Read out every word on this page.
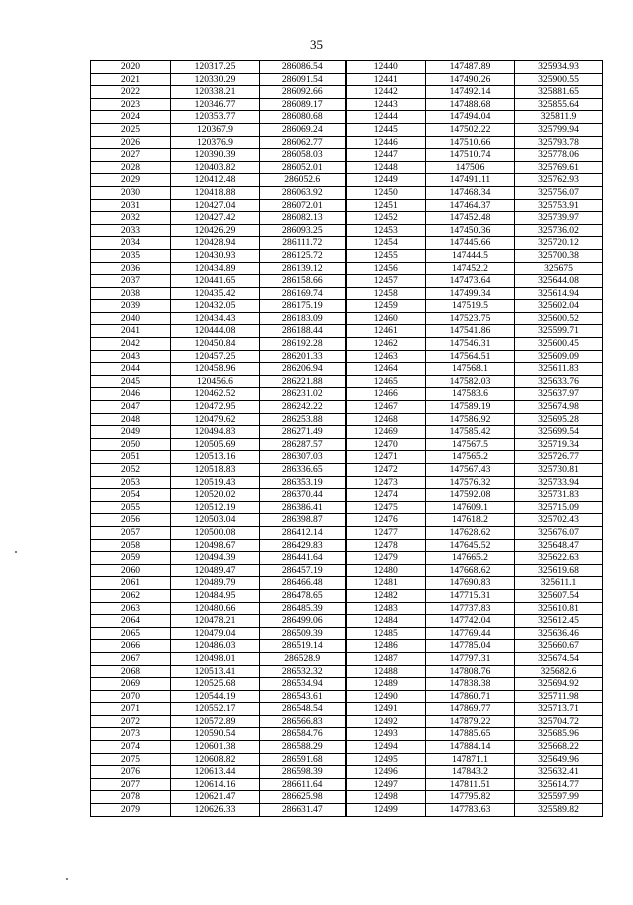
35
2020	120317.25	286086.54	12440	147487.89	325934.93
2021	120330.29	286091.54	12441	147490.26	325900.55
2022	120338.21	286092.66	12442	147492.14	325881.65
2023	120346.77	286089.17	12443	147488.68	325855.64
2024	120353.77	286080.68	12444	147494.04	325811.9
2025	120367.9	286069.24	12445	147502.22	325799.94
2026	120376.9	286062.77	12446	147510.66	325793.78
2027	120390.39	286058.03	12447	147510.74	325778.06
2028	120403.82	286052.01	12448	147506	325769.61
2029	120412.48	286052.6	12449	147491.11	325762.93
2030	120418.88	286063.92	12450	147468.34	325756.07
2031	120427.04	286072.01	12451	147464.37	325753.91
2032	120427.42	286082.13	12452	147452.48	325739.97
2033	120426.29	286093.25	12453	147450.36	325736.02
2034	120428.94	286111.72	12454	147445.66	325720.12
2035	120430.93	286125.72	12455	147444.5	325700.38
2036	120434.89	286139.12	12456	147452.2	325675
2037	120441.65	286158.66	12457	147473.64	325644.08
2038	120435.42	286169.74	12458	147499.34	325614.94
2039	120432.05	286175.19	12459	147519.5	325602.04
2040	120434.43	286183.09	12460	147523.75	325600.52
2041	120444.08	286188.44	12461	147541.86	325599.71
2042	120450.84	286192.28	12462	147546.31	325600.45
2043	120457.25	286201.33	12463	147564.51	325609.09
2044	120458.96	286206.94	12464	147568.1	325611.83
2045	120456.6	286221.88	12465	147582.03	325633.76
2046	120462.52	286231.02	12466	147583.6	325637.97
2047	120472.95	286242.22	12467	147589.19	325674.98
2048	120479.62	286253.88	12468	147586.92	325695.28
2049	120494.83	286271.49	12469	147585.42	325699.54
2050	120505.69	286287.57	12470	147567.5	325719.34
2051	120513.16	286307.03	12471	147565.2	325726.77
2052	120518.83	286336.65	12472	147567.43	325730.81
2053	120519.43	286353.19	12473	147576.32	325733.94
2054	120520.02	286370.44	12474	147592.08	325731.83
2055	120512.19	286386.41	12475	147609.1	325715.09
2056	120503.04	286398.87	12476	147618.2	325702.43
2057	120500.08	286412.14	12477	147628.62	325676.07
2058	120498.67	286429.83	12478	147645.52	325648.47
2059	120494.39	286441.64	12479	147665.2	325622.63
2060	120489.47	286457.19	12480	147668.62	325619.68
2061	120489.79	286466.48	12481	147690.83	325611.1
2062	120484.95	286478.65	12482	147715.31	325607.54
2063	120480.66	286485.39	12483	147737.83	325610.81
2064	120478.21	286499.06	12484	147742.04	325612.45
2065	120479.04	286509.39	12485	147769.44	325636.46
2066	120486.03	286519.14	12486	147785.04	325660.67
2067	120498.01	286528.9	12487	147797.31	325674.54
2068	120513.41	286532.32	12488	147808.76	325682.6
2069	120525.68	286534.94	12489	147838.38	325694.92
2070	120544.19	286543.61	12490	147860.71	325711.98
2071	120552.17	286548.54	12491	147869.77	325713.71
2072	120572.89	286566.83	12492	147879.22	325704.72
2073	120590.54	286584.76	12493	147885.65	325685.96
2074	120601.38	286588.29	12494	147884.14	325668.22
2075	120608.82	286591.68	12495	147871.1	325649.96
2076	120613.44	286598.39	12496	147843.2	325632.41
2077	120614.16	286611.64	12497	147811.51	325614.77
2078	120621.47	286625.98	12498	147795.82	325597.99
2079	120626.33	286631.47	12499	147783.63	325589.82
